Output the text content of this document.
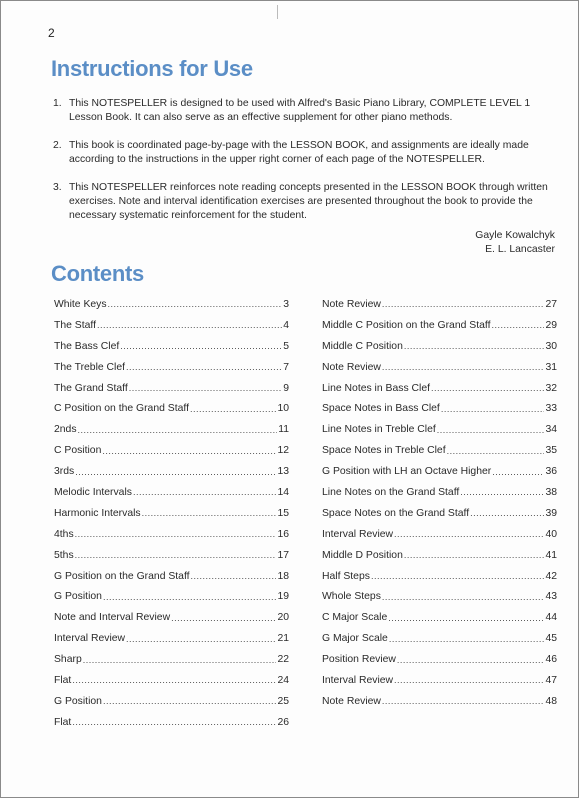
2
Instructions for Use
1. This NOTESPELLER is designed to be used with Alfred's Basic Piano Library, COMPLETE LEVEL 1 Lesson Book. It can also serve as an effective supplement for other piano methods.
2. This book is coordinated page-by-page with the LESSON BOOK, and assignments are ideally made according to the instructions in the upper right corner of each page of the NOTESPELLER.
3. This NOTESPELLER reinforces note reading concepts presented in the LESSON BOOK through written exercises. Note and interval identification exercises are presented throughout the book to provide the necessary systematic reinforcement for the student.
Gayle Kowalchyk
E. L. Lancaster
Contents
White Keys .....	3
The Staff .....	4
The Bass Clef .....	5
The Treble Clef .....	7
The Grand Staff .....	9
C Position on the Grand Staff .....	10
2nds .....	11
C Position .....	12
3rds .....	13
Melodic Intervals .....	14
Harmonic Intervals .....	15
4ths .....	16
5ths .....	17
G Position on the Grand Staff .....	18
G Position .....	19
Note and Interval Review .....	20
Interval Review .....	21
Sharp .....	22
Flat .....	24
G Position .....	25
Flat .....	26
Note Review .....	27
Middle C Position on the Grand Staff .....	29
Middle C Position .....	30
Note Review .....	31
Line Notes in Bass Clef .....	32
Space Notes in Bass Clef .....	33
Line Notes in Treble Clef .....	34
Space Notes in Treble Clef .....	35
G Position with LH an Octave Higher .....	36
Line Notes on the Grand Staff .....	38
Space Notes on the Grand Staff .....	39
Interval Review .....	40
Middle D Position .....	41
Half Steps .....	42
Whole Steps .....	43
C Major Scale .....	44
G Major Scale .....	45
Position Review .....	46
Interval Review .....	47
Note Review .....	48
